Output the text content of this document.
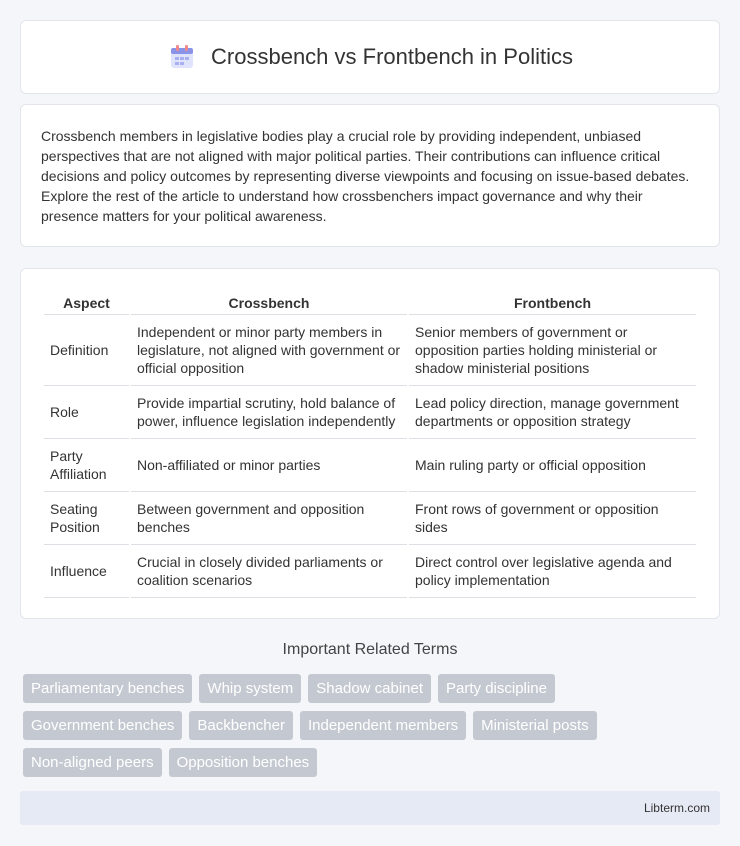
Crossbench vs Frontbench in Politics

Crossbench members in legislative bodies play a crucial role by providing independent, unbiased perspectives that are not aligned with major political parties. Their contributions can influence critical decisions and policy outcomes by representing diverse viewpoints and focusing on issue-based debates. Explore the rest of the article to understand how crossbenchers impact governance and why their presence matters for your political awareness.

Aspect	Crossbench	Frontbench
Definition	Independent or minor party members in legislature, not aligned with government or official opposition	Senior members of government or opposition parties holding ministerial or shadow ministerial positions
Role	Provide impartial scrutiny, hold balance of power, influence legislation independently	Lead policy direction, manage government departments or opposition strategy
Party Affiliation	Non-affiliated or minor parties	Main ruling party or official opposition
Seating Position	Between government and opposition benches	Front rows of government or opposition sides
Influence	Crucial in closely divided parliaments or coalition scenarios	Direct control over legislative agenda and policy implementation
Important Related Terms
Parliamentary benches	Whip system	Shadow cabinet	Party discipline
Government benches	Backbencher	Independent members	Ministerial posts
Non-aligned peers	Opposition benches
Libterm.com
